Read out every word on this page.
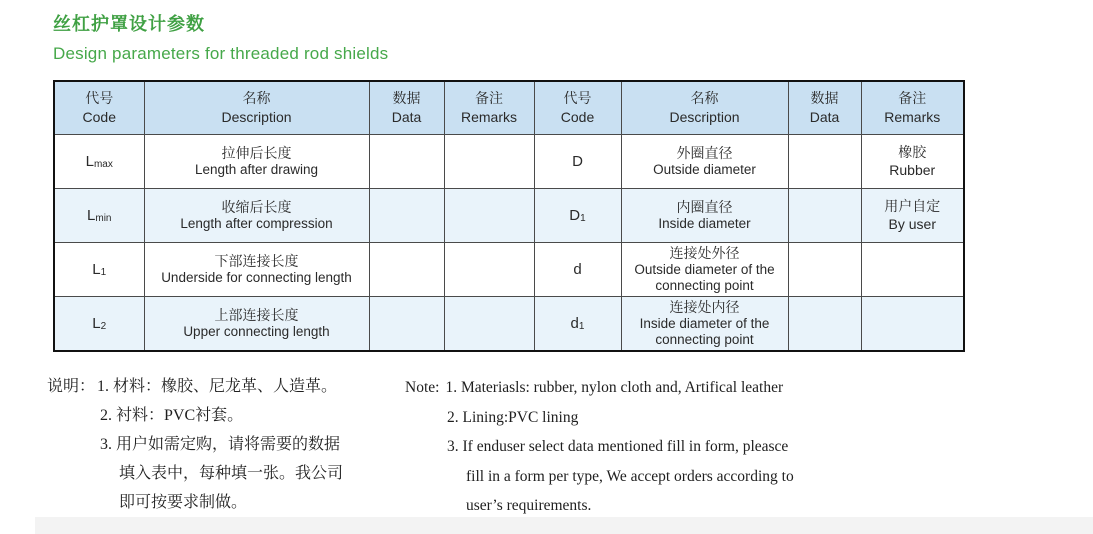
丝杠护罩设计参数
Design parameters for threaded rod shields
代号
Code	名称
Description	数据
Data	备注
Remarks	代号
Code	名称
Description	数据
Data	备注
Remarks

Lmax	拉伸后长度
Length after drawing			D	外圈直径
Outside diameter		橡胶
Rubber

Lmin	收缩后长度
Length after compression			D1	内圈直径
Inside diameter		用户自定
By user

L1	下部连接长度
Underside for connecting length			d	连接处外径
Outside diameter of the connecting point		

L2	上部连接长度
Upper connecting length			d1	连接处内径
Inside diameter of the connecting point		

说明： 1. 材料：橡胶、尼龙革、人造革。
2. 衬料：PVC衬套。
3. 用户如需定购，请将需要的数据
填入表中，每种填一张。我公司
即可按要求制做。
Note: 1. Materiasls: rubber, nylon cloth and, Artifical leather
2. Lining:PVC lining
3. If enduser select data mentioned fill in form, pleasce
fill in a form per type, We accept orders according to
user’s requirements.
